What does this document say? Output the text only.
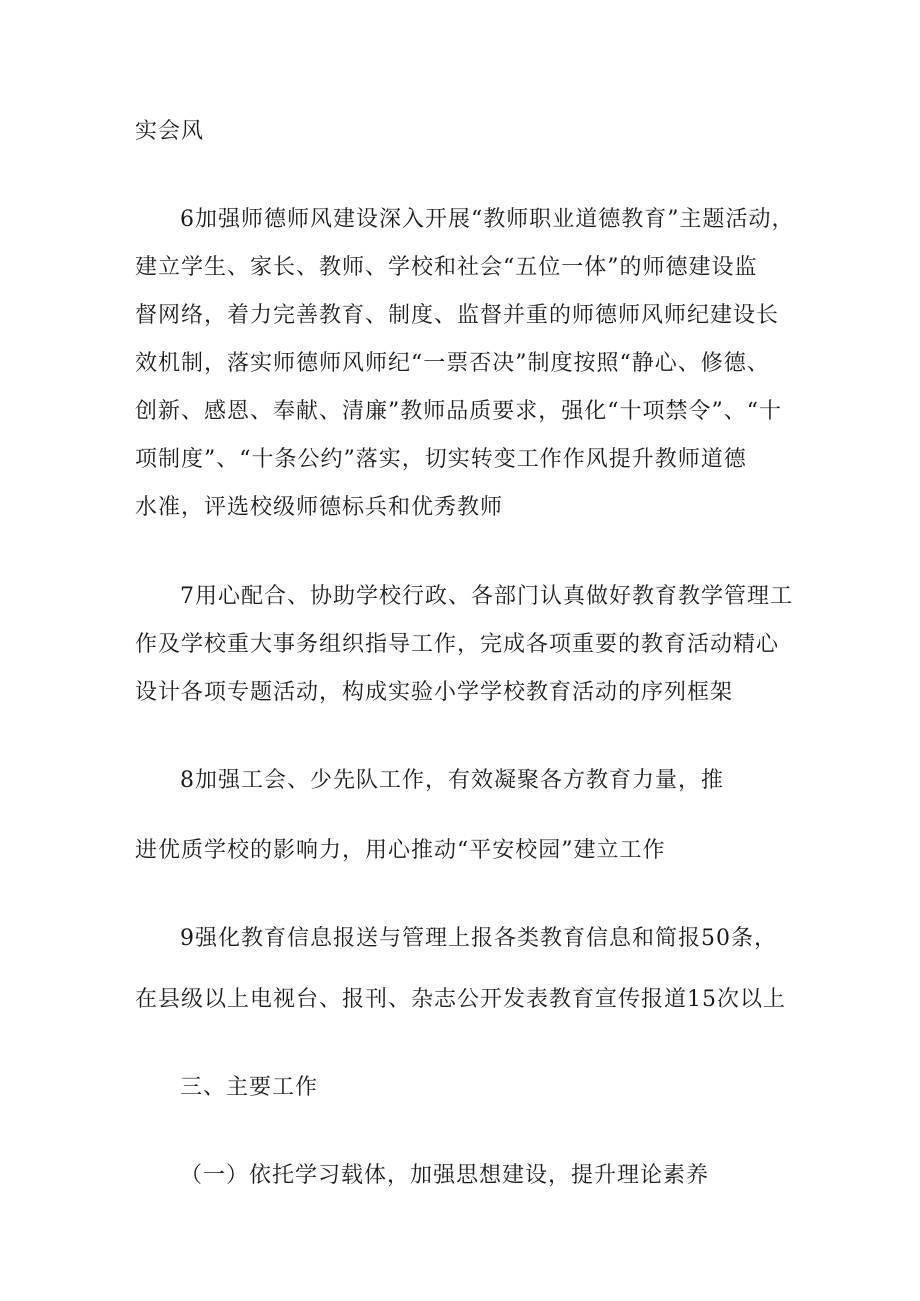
实会风
6加强师德师风建设深入开展“教师职业道德教育”主题活动，
建立学生、家长、教师、学校和社会“五位一体”的师德建设监
督网络，着力完善教育、制度、监督并重的师德师风师纪建设长
效机制，落实师德师风师纪“一票否决”制度按照“静心、修德、
创新、感恩、奉献、清廉”教师品质要求，强化“十项禁令”、“十
项制度”、“十条公约”落实，切实转变工作作风提升教师道德
水准，评选校级师德标兵和优秀教师
7用心配合、协助学校行政、各部门认真做好教育教学管理工
作及学校重大事务组织指导工作，完成各项重要的教育活动精心
设计各项专题活动，构成实验小学学校教育活动的序列框架
8加强工会、少先队工作，有效凝聚各方教育力量，推
进优质学校的影响力，用心推动“平安校园”建立工作
9强化教育信息报送与管理上报各类教育信息和简报50条，
在县级以上电视台、报刊、杂志公开发表教育宣传报道15次以上
三、主要工作
（一）依托学习载体，加强思想建设，提升理论素养
